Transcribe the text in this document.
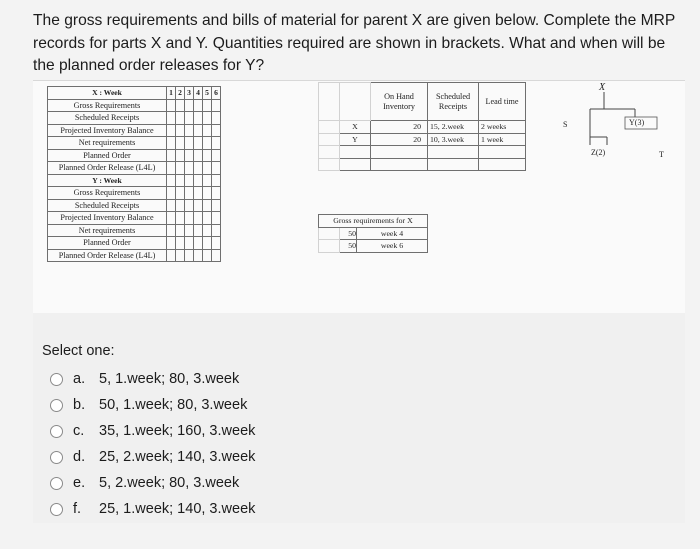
The gross requirements and bills of material for parent X are given below. Complete the MRP records for parts X and Y. Quantities required are shown in brackets. What and when will be the planned order releases for Y?
X : Week	1	2	3	4	5	6
Gross Requirements						
Scheduled Receipts						
Projected Inventory Balance						
Net requirements						
Planned Order						
Planned Order Release (L4L)						
Y : Week						
Gross Requirements						
Scheduled Receipts						
Projected Inventory Balance						
Net requirements						
Planned Order						
Planned Order Release (L4L)						
		On Hand Inventory	Scheduled Receipts	Lead time
	X	20	15, 2.week	2 weeks
	Y	20	10, 3.week	1 week

Gross requirements for X		
	50	week 4
	50	week 6
X
S	Y(3)
Z(2)	T
Select one:
a. 5, 1.week; 80, 3.week
b. 50, 1.week; 80, 3.week
c.	35, 1.week; 160, 3.week
d. 25, 2.week; 140, 3.week
e. 5, 2.week; 80, 3.week
f.	25, 1.week; 140, 3.week
